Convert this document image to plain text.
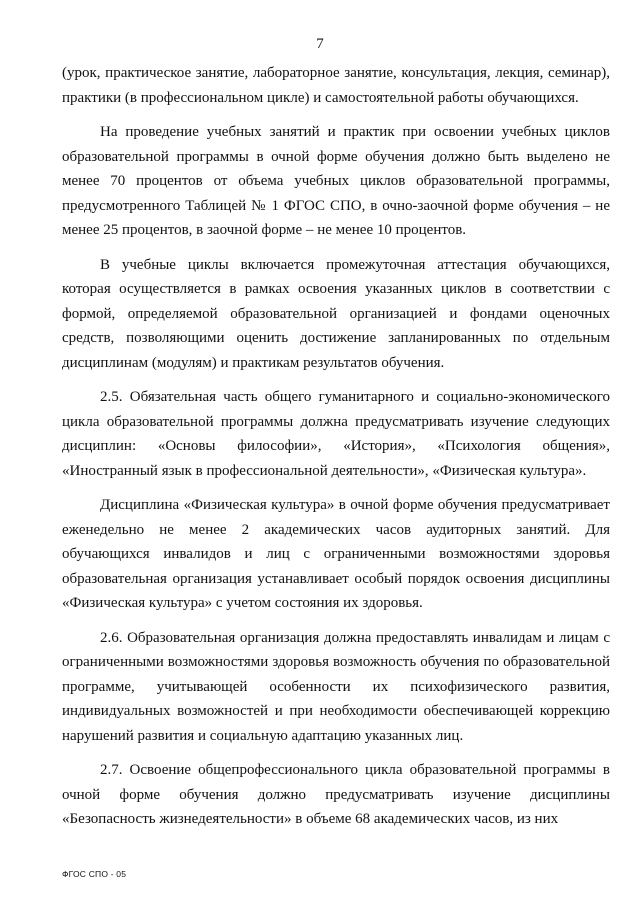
7

(урок, практическое занятие, лабораторное занятие, консультация, лекция, семинар), практики (в профессиональном цикле) и самостоятельной работы обучающихся.

На проведение учебных занятий и практик при освоении учебных циклов образовательной программы в очной форме обучения должно быть выделено не менее 70 процентов от объема учебных циклов образовательной программы, предусмотренного Таблицей № 1 ФГОС СПО, в очно-заочной форме обучения – не менее 25 процентов, в заочной форме – не менее 10 процентов.

В учебные циклы включается промежуточная аттестация обучающихся, которая осуществляется в рамках освоения указанных циклов в соответствии с формой, определяемой образовательной организацией и фондами оценочных средств, позволяющими оценить достижение запланированных по отдельным дисциплинам (модулям) и практикам результатов обучения.

2.5. Обязательная часть общего гуманитарного и социально-экономического цикла образовательной программы должна предусматривать изучение следующих дисциплин: «Основы философии», «История», «Психология общения», «Иностранный язык в профессиональной деятельности», «Физическая культура».

Дисциплина «Физическая культура» в очной форме обучения предусматривает еженедельно не менее 2 академических часов аудиторных занятий. Для обучающихся инвалидов и лиц с ограниченными возможностями здоровья образовательная организация устанавливает особый порядок освоения дисциплины «Физическая культура» с учетом состояния их здоровья.

2.6. Образовательная организация должна предоставлять инвалидам и лицам с ограниченными возможностями здоровья возможность обучения по образовательной программе, учитывающей особенности их психофизического развития, индивидуальных возможностей и при необходимости обеспечивающей коррекцию нарушений развития и социальную адаптацию указанных лиц.

2.7. Освоение общепрофессионального цикла образовательной программы в очной форме обучения должно предусматривать изучение дисциплины «Безопасность жизнедеятельности» в объеме 68 академических часов, из них

ФГОС СПО - 05
